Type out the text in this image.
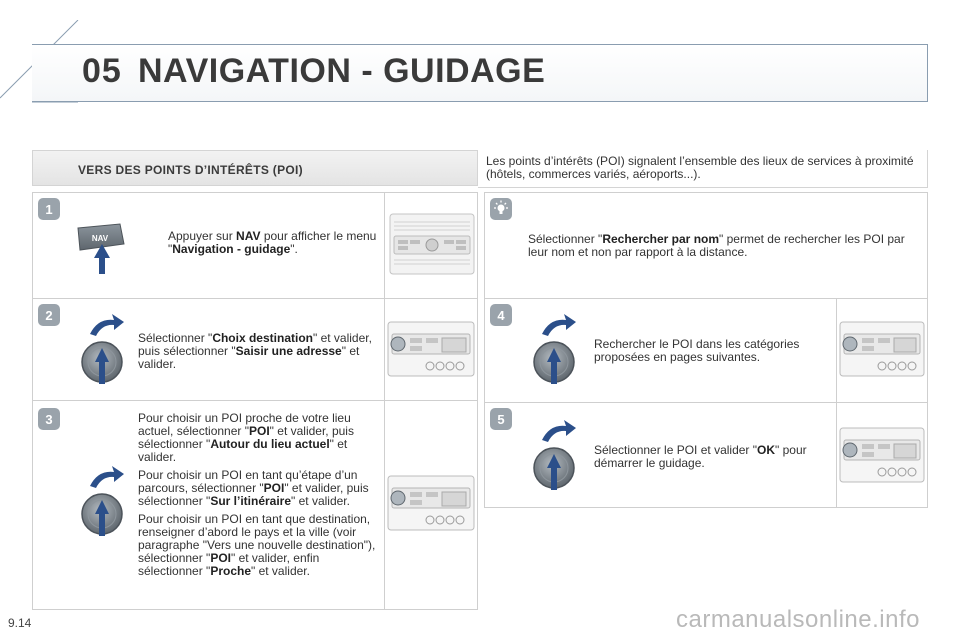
05 NAVIGATION - GUIDAGE
VERS DES POINTS D’INTÉRÊTS (POI)
Les points d’intérêts (POI) signalent l’ensemble des lieux de services à proximité (hôtels, commerces variés, aéroports...).
1
2
3
4
5
NAV	Appuyer sur NAV pour afficher le menu "Navigation - guidage".
Sélectionner "Choix destination" et valider, puis sélectionner "Saisir une adresse" et valider.

Pour choisir un POI proche de votre lieu actuel, sélectionner "POI" et valider, puis sélectionner "Autour du lieu actuel" et valider.

Pour choisir un POI en tant qu’étape d’un parcours, sélectionner "POI" et valider, puis sélectionner "Sur l’itinéraire" et valider.

Pour choisir un POI en tant que destination, renseigner d’abord le pays et la ville (voir paragraphe "Vers une nouvelle destination"), sélectionner "POI" et valider, enfin sélectionner "Proche" et valider.

Sélectionner "Rechercher par nom" permet de rechercher les POI par leur nom et non par rapport à la distance.
Rechercher le POI dans les catégories proposées en pages suivantes.
Sélectionner le POI et valider "OK" pour démarrer le guidage.
9.14	carmanualsonline.info
